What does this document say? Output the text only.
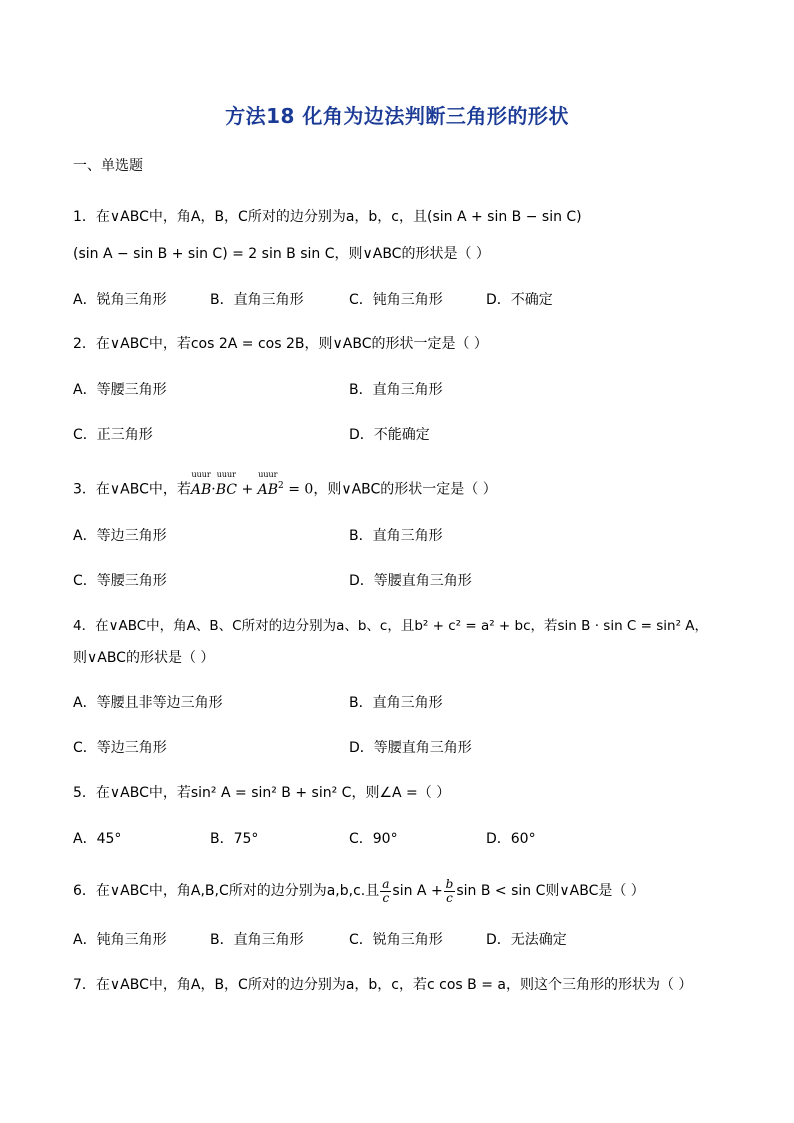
方法18 化角为边法判断三角形的形状
一、单选题
1．在∨ABC中，角A，B，C所对的边分别为a，b，c，且(sin A + sin B − sin C)
(sin A − sin B + sin C) = 2 sin B sin C，则∨ABC的形状是（ ）
A．锐角三角形	B．直角三角形	C．钝角三角形	D．不确定
2．在∨ABC中，若cos 2A = cos 2B，则∨ABC的形状一定是（ ）
A．等腰三角形	B．直角三角形
C．正三角形	D．不能确定
3．在∨ABC中，若
uuur
AB·
uuur
BC +
uuur
$AB^2 = 0$，则∨ABC的形状一定是（ ）
A．等边三角形	B．直角三角形
C．等腰三角形	D．等腰直角三角形
4．在∨ABC中，角A、B、C所对的边分别为a、b、c，且b² + c² = a² + bc，若sin B · sin C = sin² A，
则∨ABC的形状是（ ）
A．等腰且非等边三角形	B．直角三角形
C．等边三角形	D．等腰直角三角形
5．在∨ABC中，若sin² A = sin² B + sin² C，则∠A =（ ）
A．45°	B．75°	C．90°	D．60°
6．在∨ABC中，角A,B,C所对的边分别为a,b,c.且 $\frac{a}{c}$ $\sin A + \frac{b}{c}$ sin B < sin C则∨ABC是（ ）
A．钝角三角形	B．直角三角形	C．锐角三角形	D．无法确定
7．在∨ABC中，角A，B，C所对的边分别为a，b，c，若c cos B = a，则这个三角形的形状为（ ）
